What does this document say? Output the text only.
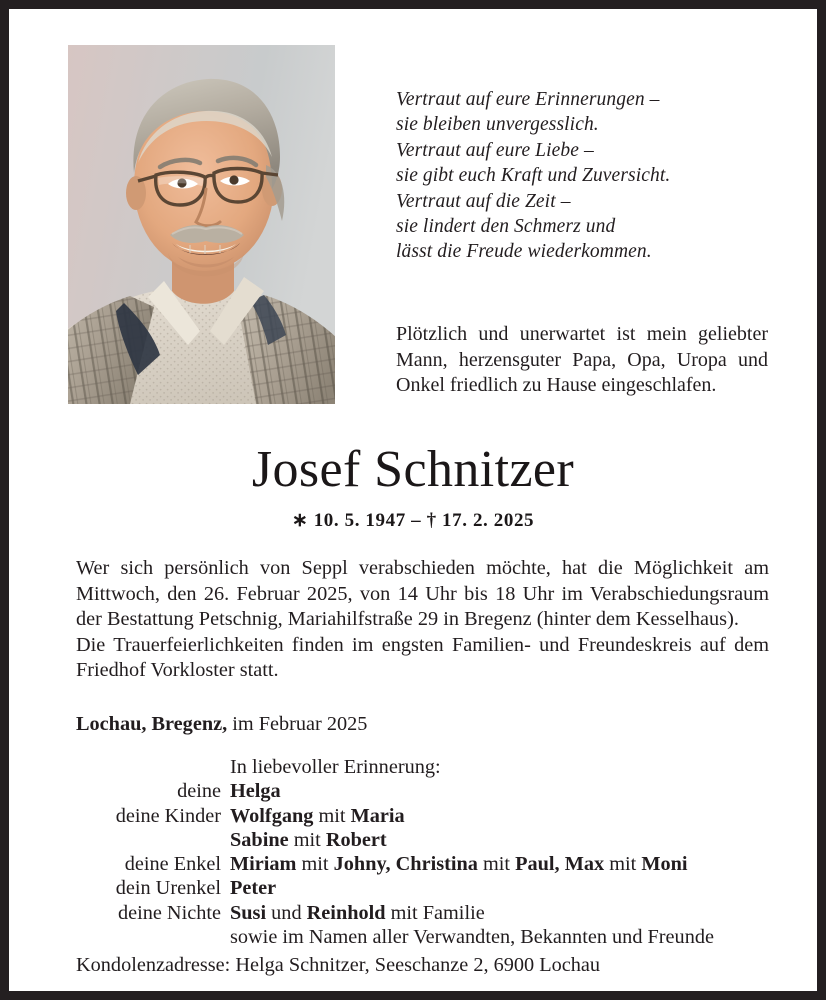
Vertraut auf eure Erinnerungen –
sie bleiben unvergesslich.
Vertraut auf eure Liebe –
sie gibt euch Kraft und Zuversicht.
Vertraut auf die Zeit –
sie lindert den Schmerz und
lässt die Freude wiederkommen.
Plötzlich und unerwartet ist mein geliebter Mann, herzensguter Papa, Opa, Uropa und Onkel friedlich zu Hause eingeschlafen.
Josef Schnitzer
∗ 10. 5. 1947 – † 17. 2. 2025

Wer sich persönlich von Seppl verabschieden möchte, hat die Möglichkeit am Mittwoch, den 26. Februar 2025, von 14 Uhr bis 18 Uhr im Verabschiedungsraum der Bestattung Petschnig, Mariahilfstraße 29 in Bregenz (hinter dem Kesselhaus).

Die Trauerfeierlichkeiten finden im engsten Familien- und Freundeskreis auf dem Friedhof Vorkloster statt.

Lochau, Bregenz, im Februar 2025
In liebevoller Erinnerung:
deine Helga
deine Kinder Wolfgang mit Maria
Sabine mit Robert
deine Enkel Miriam mit Johny, Christina mit Paul, Max mit Moni
dein Urenkel Peter
deine Nichte Susi und Reinhold mit Familie
sowie im Namen aller Verwandten, Bekannten und Freunde
Kondolenzadresse: Helga Schnitzer, Seeschanze 2, 6900 Lochau
